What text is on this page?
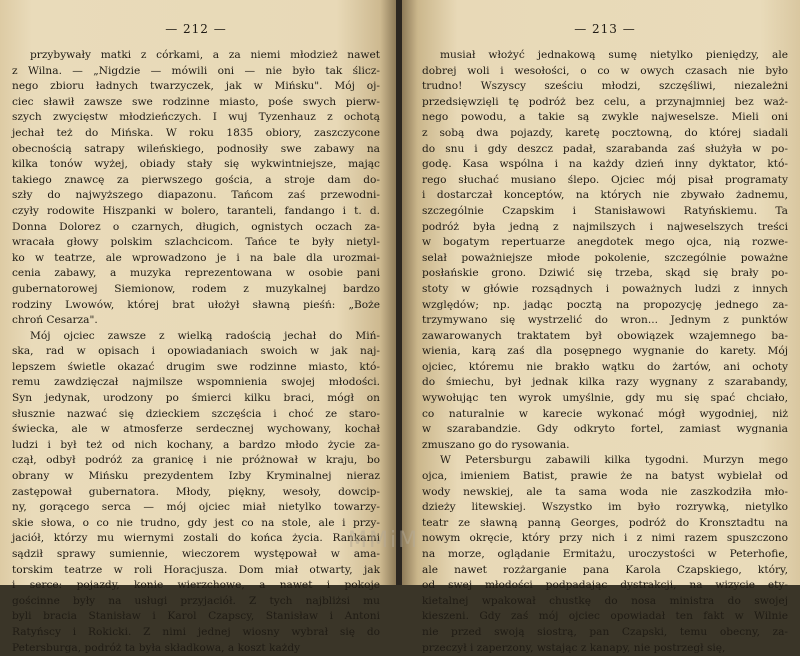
— 212 —

przybywały matki z córkami, a za niemi młodzież nawet
z Wilna. — „Nigdzie — mówili oni — nie było tak ślicz-
nego zbioru ładnych twarzyczek, jak w Mińsku". Mój oj-
ciec sławił zawsze swe rodzinne miasto, pośe swych pierw-
szych zwycięstw młodzieńczych. I wuj Tyzenhauz z ochotą
jechał też do Mińska. W roku 1835 obiory, zaszczycone
obecnością satrapy wileńskiego, podnosiły swe zabawy na
kilka tonów wyżej, obiady stały się wykwintniejsze, mając
takiego znawcę za pierwszego gościa, a stroje dam do-
szły do najwyższego diapazonu. Tańcom zaś przewodni-
czyły rodowite Hiszpanki w bolero, taranteli, fandango i t. d.
Donna Dolorez o czarnych, długich, ognistych oczach za-
wracała głowy polskim szlachcicom. Tańce te były nietyl-
ko w teatrze, ale wprowadzono je i na bale dla urozmai-
cenia zabawy, a muzyka reprezentowana w osobie pani
gubernatorowej Siemionow, rodem z muzykalnej bardzo
rodziny Lwowów, której brat ułożył sławną pieśń: „Boże
chroń Cesarza".

Mój ojciec zawsze z wielką radością jechał do Miń-
ska, rad w opisach i opowiadaniach swoich w jak naj-
lepszem świetle okazać drugim swe rodzinne miasto, któ-
remu zawdzięczał najmilsze wspomnienia swojej młodości.
Syn jedynak, urodzony po śmierci kilku braci, mógł on
słusznie nazwać się dzieckiem szczęścia i choć ze staro-
świecka, ale w atmosferze serdecznej wychowany, kochał
ludzi i był też od nich kochany, a bardzo młodo życie za-
czął, odbył podróż za granicę i nie próżnował w kraju, bo
obrany w Mińsku prezydentem Izby Kryminalnej nieraz
zastępował gubernatora. Młody, piękny, wesoły, dowcip-
ny, gorącego serca — mój ojciec miał nietylko towarzy-
skie słowa, o co nie trudno, gdy jest co na stole, ale i przy-
jaciół, którzy mu wiernymi zostali do końca życia. Rankami
sądził sprawy sumiennie, wieczorem występował w ama-
torskim teatrze w roli Horacjusza. Dom miał otwarty, jak
i serce: pojazdy, konie wierzchowe, a nawet i pokoje
gościnne były na usługi przyjaciół. Z tych najbliżsi mu
byli bracia Stanisław i Karol Czapscy, Stanisław i Antoni
Ratyńscy i Rokicki. Z nimi jednej wiosny wybrał się do
Petersburga, podróż ta była składkowa, a koszt każdy

— 213 —

musiał włożyć jednakową sumę nietylko pieniędzy, ale
dobrej woli i wesołości, o co w owych czasach nie było
trudno! Wszyscy sześciu młodzi, szczęśliwi, niezależni
przedsięwzięli tę podróż bez celu, a przynajmniej bez waż-
nego powodu, a takie są zwykle najweselsze. Mieli oni
z sobą dwa pojazdy, karetę pocztowną, do której siadali
do snu i gdy deszcz padał, szarabanda zaś służyła w po-
godę. Kasa wspólna i na każdy dzień inny dyktator, któ-
rego słuchać musiano ślepo. Ojciec mój pisał programaty
i dostarczał konceptów, na których nie zbywało żadnemu,
szczególnie Czapskim i Stanisławowi Ratyńskiemu. Ta
podróż była jedną z najmilszych i najweselszych treści
w bogatym repertuarze anegdotek mego ojca, nią rozwe-
selał poważniejsze młode pokolenie, szczególnie poważne
posłańskie grono. Dziwić się trzeba, skąd się brały po-
stoty w główie rozsądnych i poważnych ludzi z innych
względów; np. jadąc pocztą na propozycję jednego za-
trzymywano się wystrzelić do wron... Jednym z punktów
zawarowanych traktatem był obowiązek wzajemnego ba-
wienia, karą zaś dla posępnego wygnanie do karety. Mój
ojciec, któremu nie brakło wątku do żartów, ani ochoty
do śmiechu, był jednak kilka razy wygnany z szarabandy,
wywołując ten wyrok umyślnie, gdy mu się spać chciało,
co naturalnie w karecie wykonać mógł wygodniej, niż
w szarabandzie. Gdy odkryto fortel, zamiast wygnania
zmuszano go do rysowania.

W Petersburgu zabawili kilka tygodni. Murzyn mego
ojca, imieniem Batist, prawie że na batyst wybielał od
wody newskiej, ale ta sama woda nie zaszkodziła mło-
dzieży litewskiej. Wszystko im było rozrywką, nietylko
teatr ze sławną panną Georges, podróż do Kronsztadtu na
nowym okręcie, który przy nich i z nimi razem spuszczono
na morze, oglądanie Ermitażu, uroczystości w Peterhofie,
ale nawet rozżarganie pana Karola Czapskiego, który,
od swej młodości podpadając dystrakcji, na wizycie ety-
kietalnej wpakował chustkę do nosa ministra do swojej
kieszeni. Gdy zaś mój ojciec opowiadał ten fakt w Wilnie
nie przed swoją siostrą, pan Czapski, temu obecny, za-
przeczył i zaperzony, wstając z kanapy, nie postrzegł się,

MMiM
